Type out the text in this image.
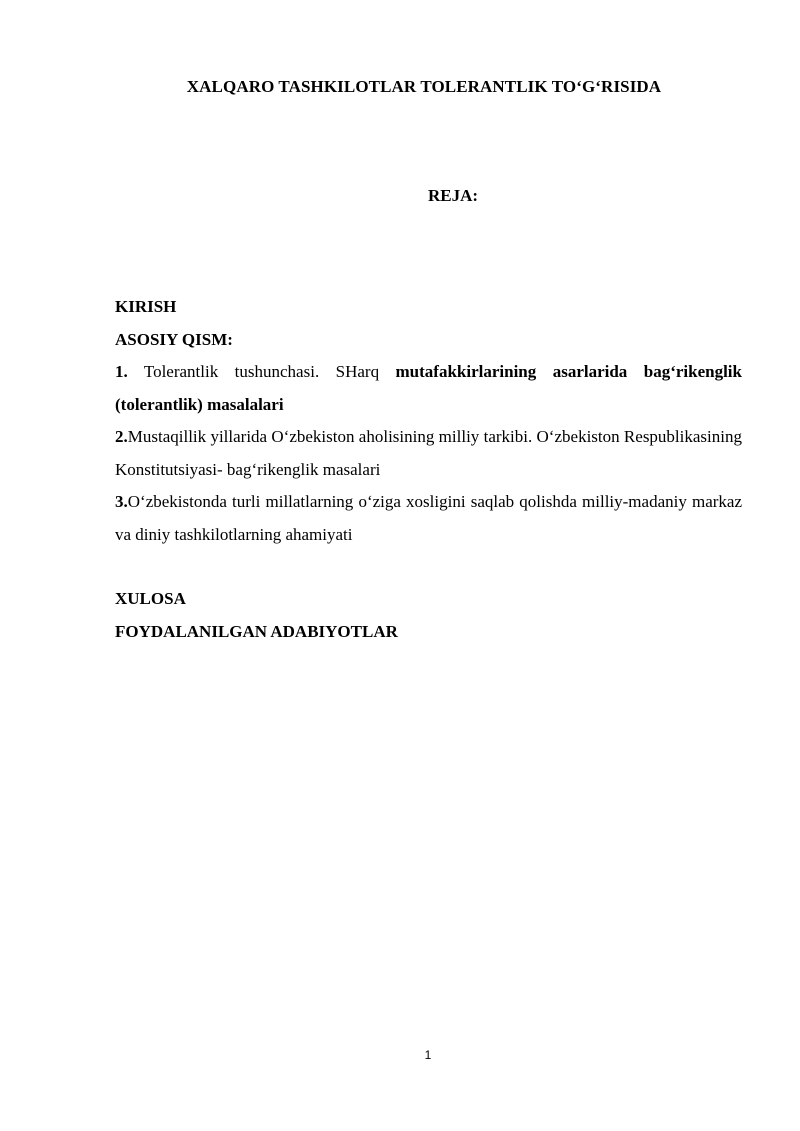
XALQARO TASHKILOTLAR TOLERANTLIK TO‘G‘RISIDA
REJA:

KIRISH

ASOSIY QISM:

1. Tolerantlik tushunchasi. SHarq mutafakkirlarining asarlarida bag‘rikenglik (tolerantlik) masalalari

2.Mustaqillik yillarida O‘zbekiston aholisining milliy tarkibi. O‘zbekiston Respublikasining Konstitutsiyasi- bag‘rikenglik masalari

3.O‘zbekistonda turli millatlarning o‘ziga xosligini saqlab qolishda milliy-madaniy markaz va diniy tashkilotlarning ahamiyati

XULOSA

FOYDALANILGAN ADABIYOTLAR

1
